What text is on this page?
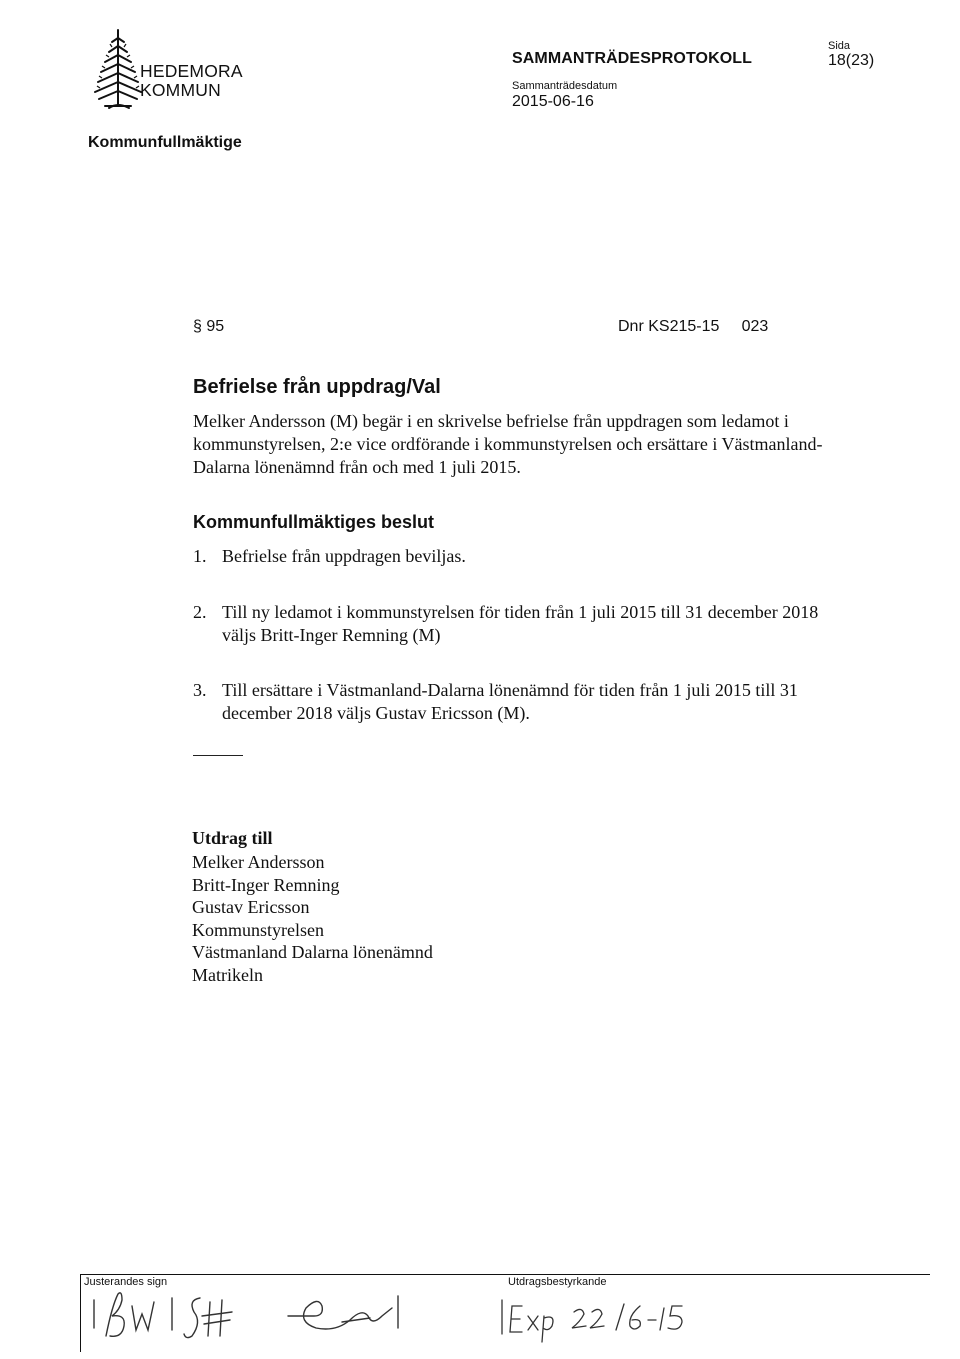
HEDEMORA
KOMMUN
SAMMANTRÄDESPROTOKOLL
Sida
18(23)
Sammanträdesdatum
2015-06-16
Kommunfullmäktige
§ 95	Dnr KS215-15     023
Befrielse från uppdrag/Val
Melker Andersson (M) begär i en skrivelse befrielse från uppdragen som ledamot i
kommunstyrelsen, 2:e vice ordförande i kommunstyrelsen och ersättare i Västmanland-
Dalarna lönenämnd från och med 1 juli 2015.
Kommunfullmäktiges beslut
1. Befrielse från uppdragen beviljas.
2. Till ny ledamot i kommunstyrelsen för tiden från 1 juli 2015 till 31 december 2018
väljs Britt-Inger Remning (M)
3. Till ersättare i Västmanland-Dalarna lönenämnd för tiden från 1 juli 2015 till 31
december 2018 väljs Gustav Ericsson (M).
Utdrag till
Melker Andersson
Britt-Inger Remning
Gustav Ericsson
Kommunstyrelsen
Västmanland Dalarna lönenämnd
Matrikeln
Justerandes sign	Utdragsbestyrkande
